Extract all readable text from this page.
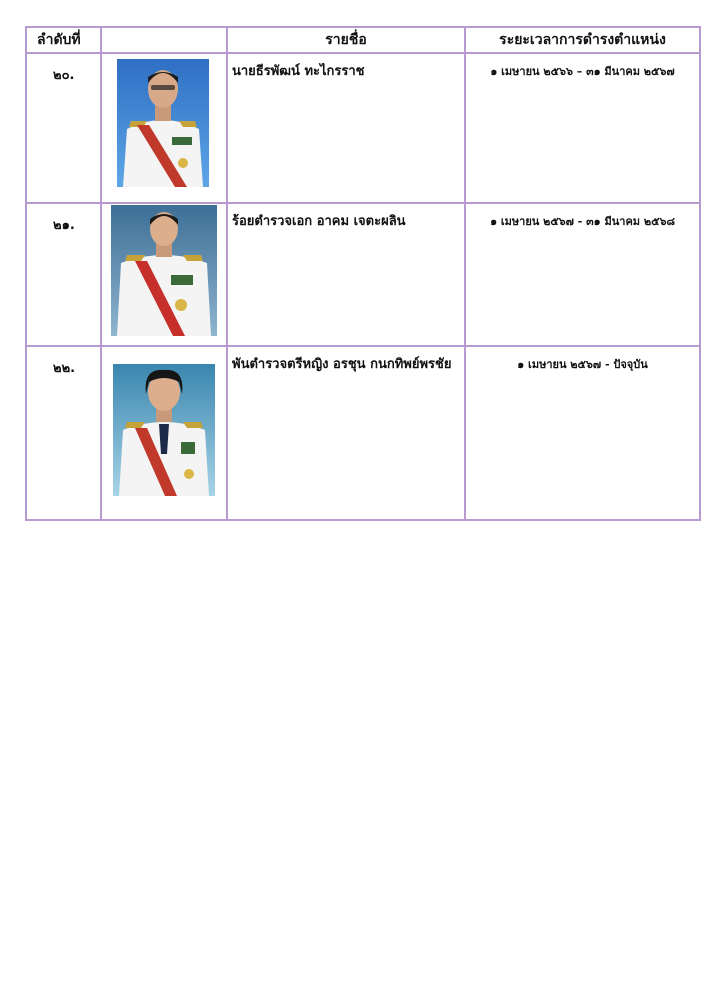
ลำดับที่		รายชื่อ	ระยะเวลาการดำรงตำแหน่ง
๒๐.		นายธีรพัฒน์ ทะไกรราช	๑ เมษายน ๒๕๖๖ – ๓๑ มีนาคม ๒๕๖๗
๒๑.		ร้อยตำรวจเอก อาคม เจตะผลิน	๑ เมษายน ๒๕๖๗ - ๓๑ มีนาคม ๒๕๖๘
๒๒.		พันตำรวจตรีหญิง อรชุน กนกทิพย์พรชัย	๑ เมษายน ๒๕๖๗ - ปัจจุบัน
